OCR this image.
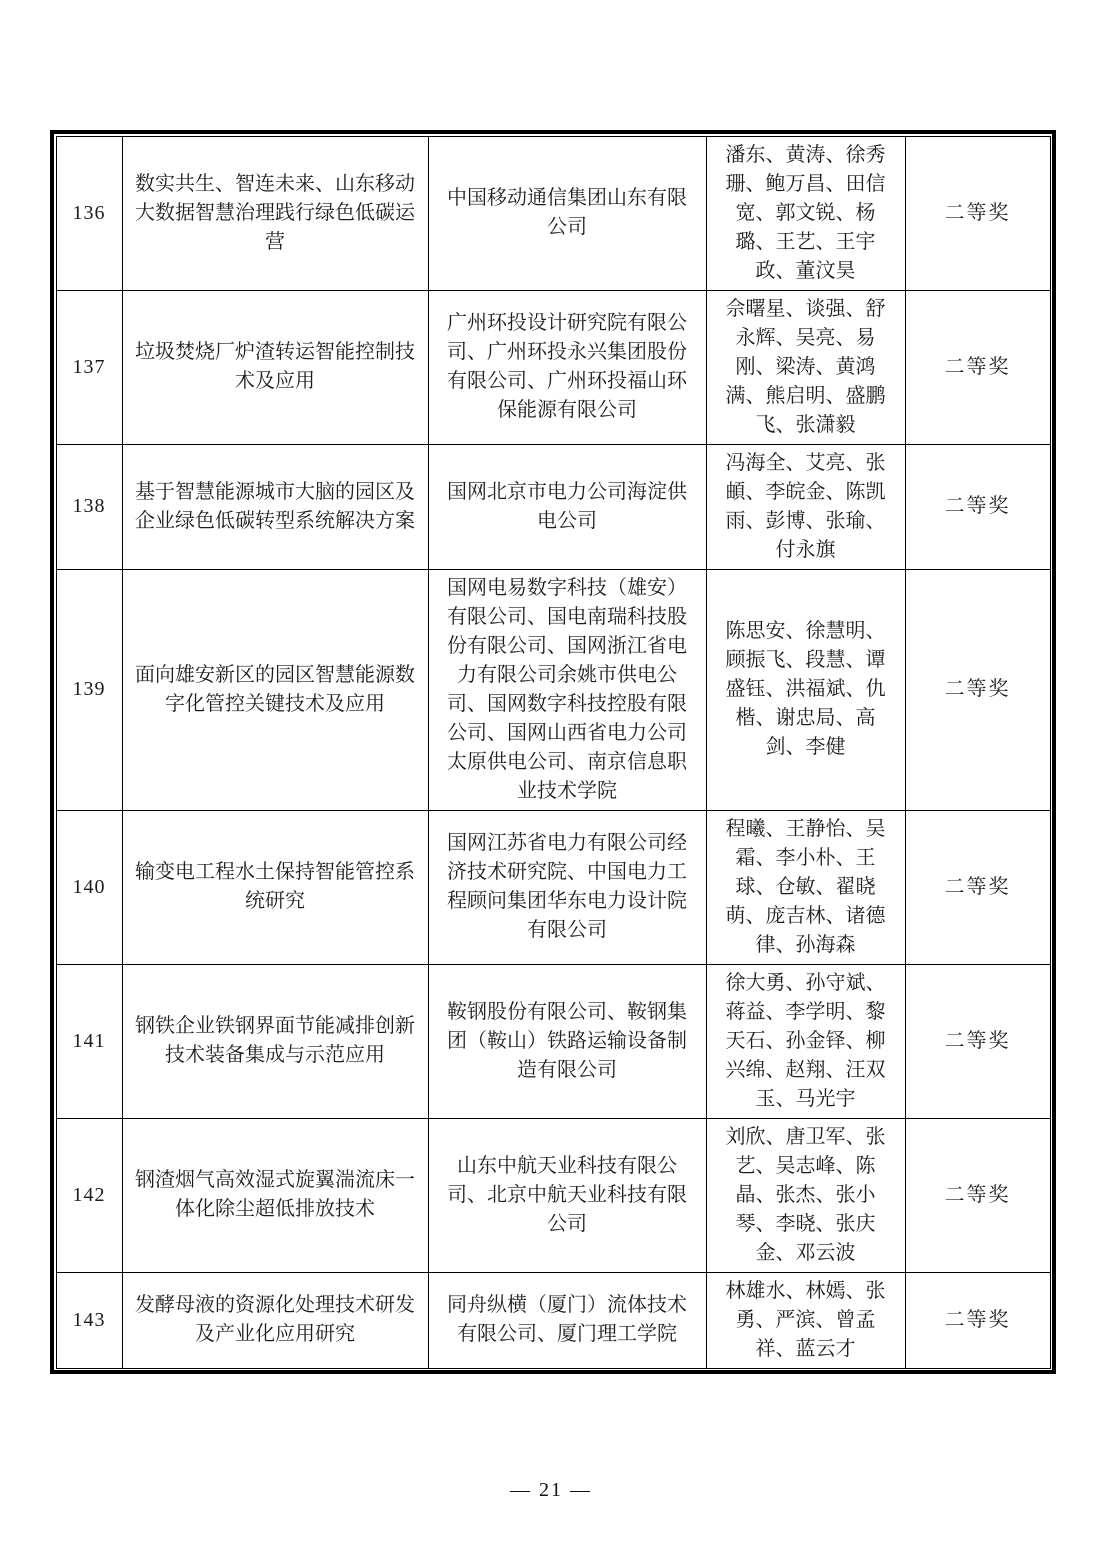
136	数实共生、智连未来、山东移动大数据智慧治理践行绿色低碳运营	中国移动通信集团山东有限公司	潘东、黄涛、徐秀珊、鲍万昌、田信宽、郭文锐、杨璐、王艺、王宇政、董汶昊	二等奖
137	垃圾焚烧厂炉渣转运智能控制技术及应用	广州环投设计研究院有限公司、广州环投永兴集团股份有限公司、广州环投福山环保能源有限公司	佘曙星、谈强、舒永辉、吴亮、易刚、梁涛、黄鸿满、熊启明、盛鹏飞、张潇毅	二等奖
138	基于智慧能源城市大脑的园区及企业绿色低碳转型系统解决方案	国网北京市电力公司海淀供电公司	冯海全、艾亮、张頔、李皖金、陈凯雨、彭博、张瑜、付永旗	二等奖
139	面向雄安新区的园区智慧能源数字化管控关键技术及应用	国网电易数字科技（雄安）有限公司、国电南瑞科技股份有限公司、国网浙江省电力有限公司余姚市供电公司、国网数字科技控股有限公司、国网山西省电力公司太原供电公司、南京信息职业技术学院	陈思安、徐慧明、顾振飞、段慧、谭盛钰、洪福斌、仇楷、谢忠局、高剑、李健	二等奖
140	输变电工程水土保持智能管控系统研究	国网江苏省电力有限公司经济技术研究院、中国电力工程顾问集团华东电力设计院有限公司	程曦、王静怡、吴霜、李小朴、王球、仓敏、翟晓萌、庞吉林、诸德律、孙海森	二等奖
141	钢铁企业铁钢界面节能减排创新技术装备集成与示范应用	鞍钢股份有限公司、鞍钢集团（鞍山）铁路运输设备制造有限公司	徐大勇、孙守斌、蒋益、李学明、黎天石、孙金铎、柳兴绵、赵翔、汪双玉、马光宇	二等奖
142	钢渣烟气高效湿式旋翼湍流床一体化除尘超低排放技术	山东中航天业科技有限公司、北京中航天业科技有限公司	刘欣、唐卫军、张艺、吴志峰、陈晶、张杰、张小琴、李晓、张庆金、邓云波	二等奖
143	发酵母液的资源化处理技术研发及产业化应用研究	同舟纵横（厦门）流体技术有限公司、厦门理工学院	林雄水、林嫣、张勇、严滨、曾孟祥、蓝云才	二等奖
— 21 —
